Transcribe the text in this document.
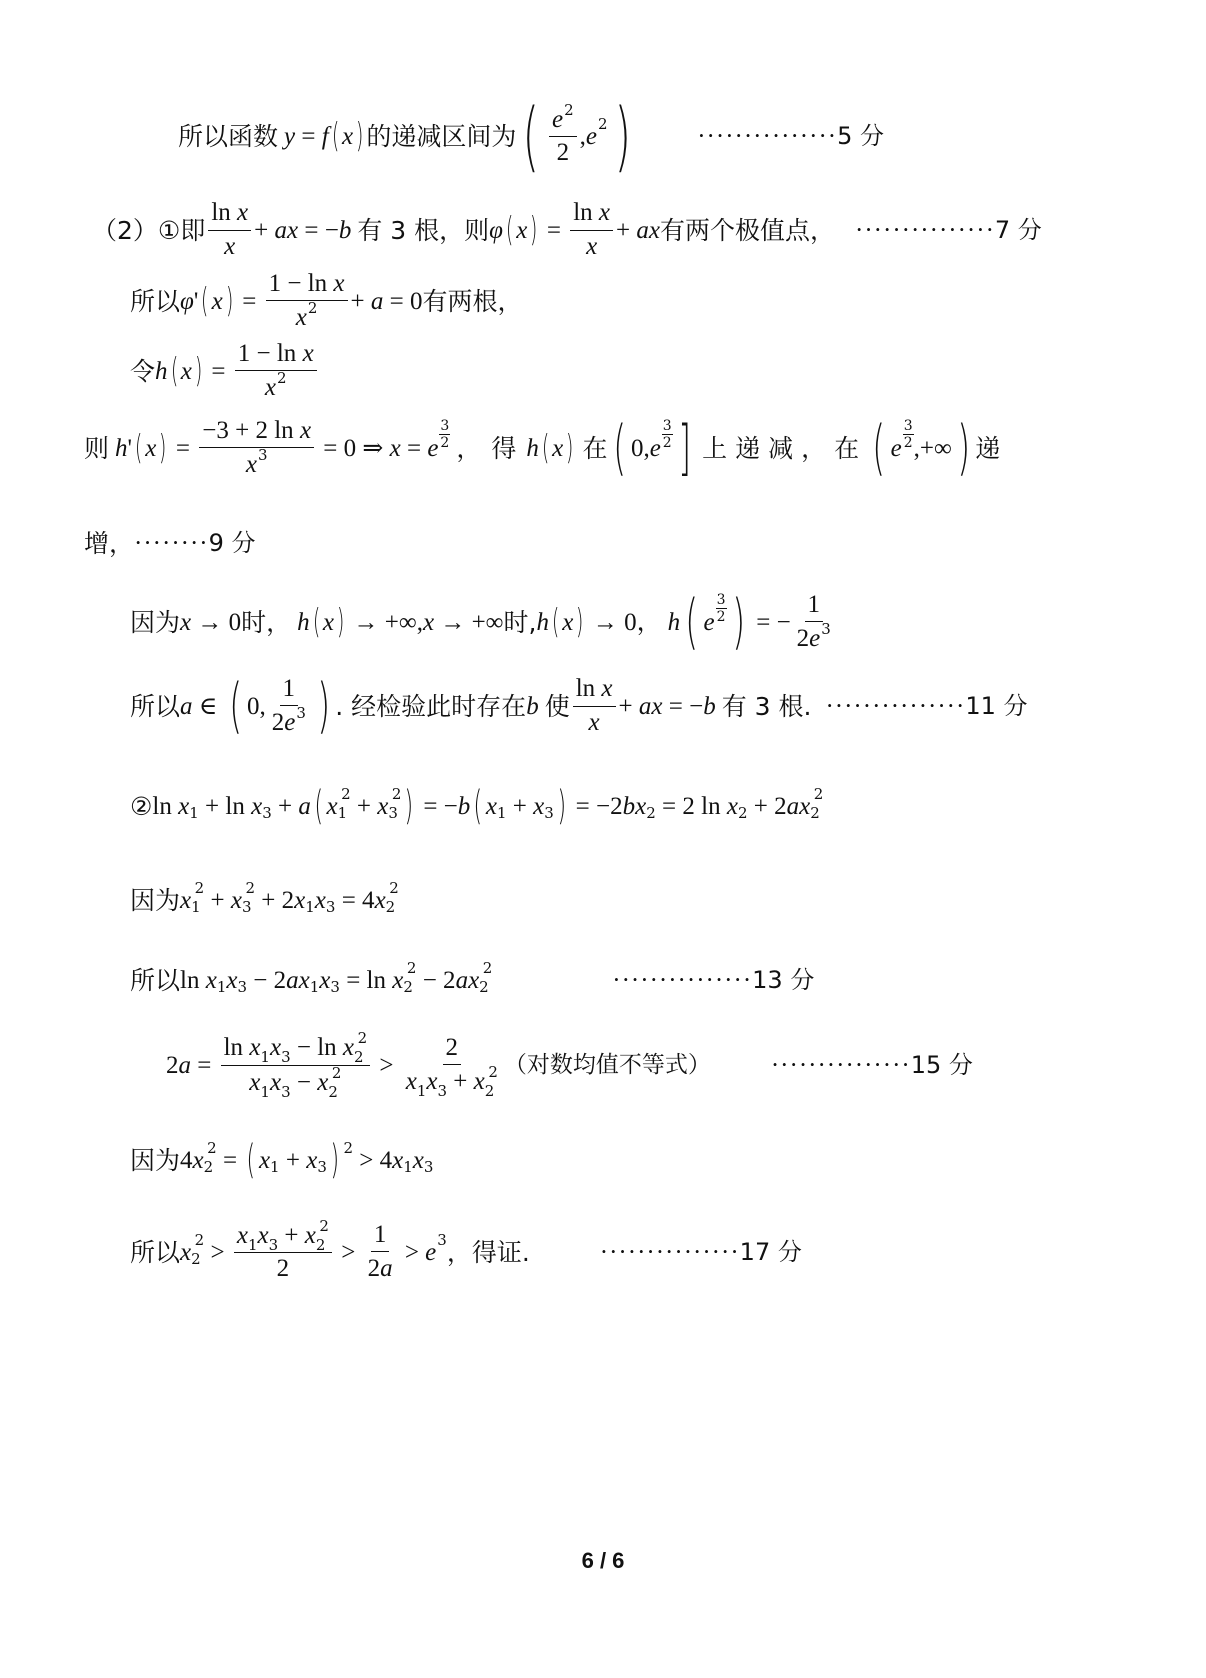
所以函数 y = f ( x ) 的递减区间为 ( $\frac{e^2}{2}$ , e 2 )	··············· 5 分
（2）①即 $\frac{\text{ln x}}{x}$ + ax = − b 有 3 根，则 φ ( x ) = $\frac{\text{ln x}}{x}$ + ax 有两个极值点， ··············· 7 分
所以 φ ' ( x ) = $\frac{\text{1 − ln x}}{x^2} + a = 0$ 有两根，
令 h ( x ) = $\frac{\text{1 − ln x}}{x^2}$
则 h ' ( x ) = $\frac{\text{−3 + 2 ln x}}{x^3} = 0$ ⇒ x = e
3
2 ，得 h ( x ) 在 ( 0, e
3
2 ] 上递减，在 ( e
3
2 ,+∞ ) 递
增， ········ 9 分
因为 x → 0 时， h ( x ) → +∞, x → +∞ 时, h ( x ) → 0， h ( e
3
2 ) = − $\frac{1}{2e^3}$
所以 a ∈ ( 0, $\frac{1}{2e^3}$ ) . 经检验此时存在 b 使 $\frac{\text{ln x}}{x}$ + ax = − b 有 3 根. ··············· 11 分
② ln x 1 + ln x 3 + a ( x 1
2 + x 3
2 ) = − b ( x 1 + x 3 ) = −2 bx 2 = 2 ln x 2 + 2 ax 2
2
因为 x 1
2 + x 3
2 + 2 x 1 x 3 = 4 x 2
2
所以 ln x 1 x 3 − 2 ax 1 x 3 = ln x 2
2 − 2 ax 2
2	··············· 13 分
2 $a = \frac{\ln x_1x_3 - \ln x_2^2}{x_1x_3 - x_2^2} > \frac{2}{x_1x_3 + x_2^2}$ （对数均值不等式） ··············· 15 分
因为 4 x 2
2 = ( x 1 + x 3 ) 2 > 4 x 1 x 3
所以 x 2
$2 > \frac{x_1x_3 + x_2^2}{2} > \frac{1}{2a} > e$ 3 ，得证.	··············· 17 分
6 / 6
